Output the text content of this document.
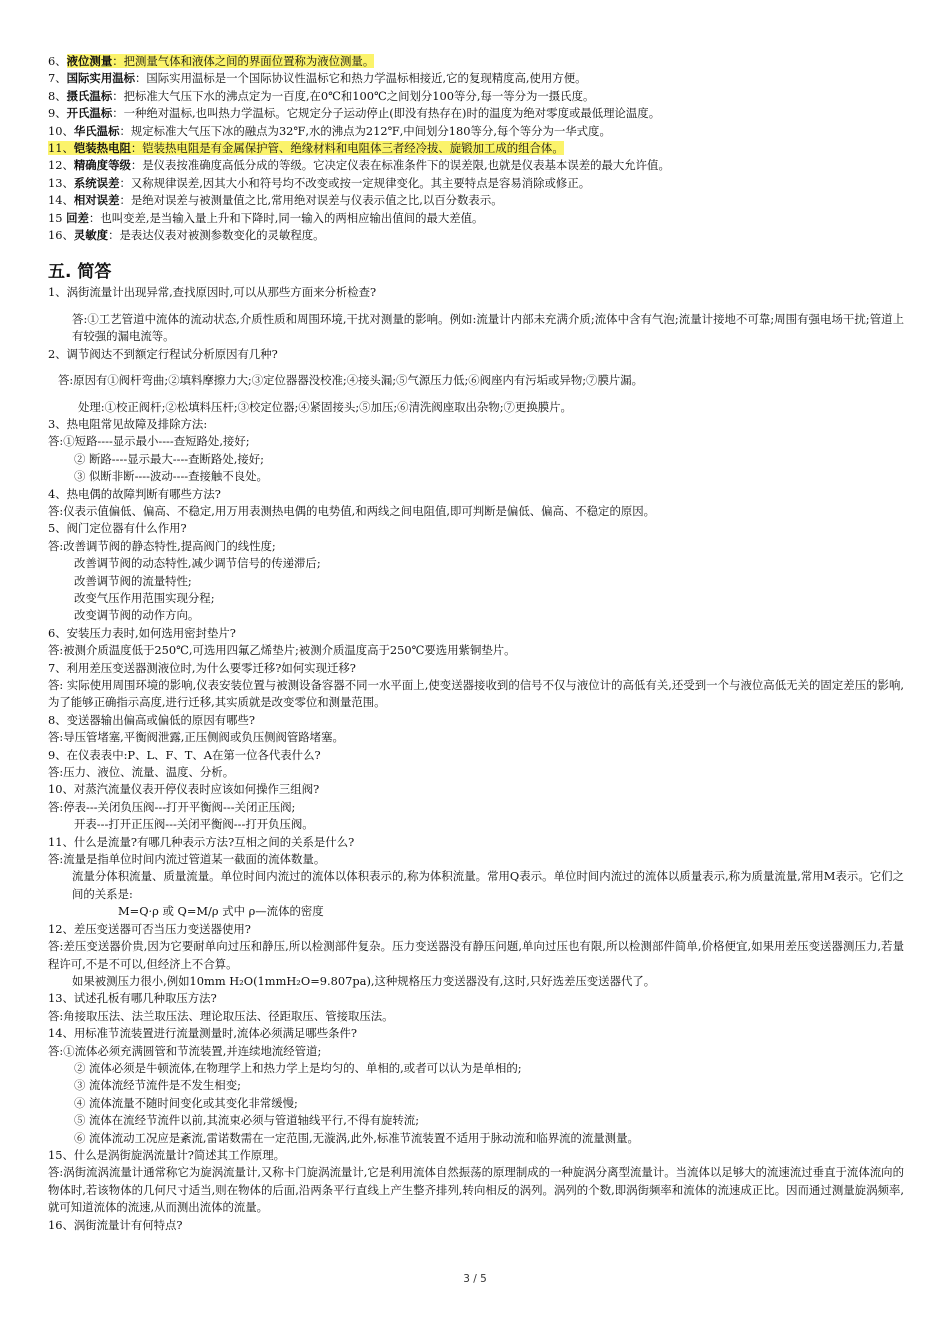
6、液位测量：把测量气体和液体之间的界面位置称为液位测量。

7、国际实用温标：国际实用温标是一个国际协议性温标它和热力学温标相接近,它的复现精度高,使用方便。

8、摄氏温标：把标准大气压下水的沸点定为一百度,在0℃和100℃之间划分100等分,每一等分为一摄氏度。

9、开氏温标：一种绝对温标,也叫热力学温标。它规定分子运动停止(即没有热存在)时的温度为绝对零度或最低理论温度。

10、华氏温标：规定标准大气压下冰的融点为32℉,水的沸点为212℉,中间划分180等分,每个等分为一华式度。

11、铠装热电阻：铠装热电阻是有金属保护管、绝缘材料和电阻体三者经冷拔、旋锻加工成的组合体。

12、精确度等级：是仪表按准确度高低分成的等级。它决定仪表在标准条件下的误差限,也就是仪表基本误差的最大允许值。

13、系统误差：又称规律误差,因其大小和符号均不改变或按一定规律变化。其主要特点是容易消除或修正。

14、相对误差：是绝对误差与被测量值之比,常用绝对误差与仪表示值之比,以百分数表示。

15 回差：也叫变差,是当输入量上升和下降时,同一输入的两相应输出值间的最大差值。

16、灵敏度：是表达仪表对被测参数变化的灵敏程度。

五. 简答

1、涡街流量计出现异常,查找原因时,可以从那些方面来分析检查?

答:①工艺管道中流体的流动状态,介质性质和周围环境,干扰对测量的影响。例如:流量计内部未充满介质;流体中含有气泡;流量计接地不可靠;周围有强电场干扰;管道上有较强的漏电流等。

2、调节阀达不到额定行程试分析原因有几种?

答:原因有①阀杆弯曲;②填料摩擦力大;③定位器器没校准;④接头漏;⑤气源压力低;⑥阀座内有污垢或异物;⑦膜片漏。

处理:①校正阀杆;②松填料压杆;③校定位器;④紧固接头;⑤加压;⑥清洗阀座取出杂物;⑦更换膜片。

3、热电阻常见故障及排除方法:

答:①短路----显示最小----查短路处,接好;

② 断路----显示最大----查断路处,接好;

③ 似断非断----波动----查接触不良处。

4、热电偶的故障判断有哪些方法?

答:仪表示值偏低、偏高、不稳定,用万用表测热电偶的电势值,和两线之间电阻值,即可判断是偏低、偏高、不稳定的原因。

5、阀门定位器有什么作用?

答:改善调节阀的静态特性,提高阀门的线性度;

改善调节阀的动态特性,减少调节信号的传递滞后;

改善调节阀的流量特性;

改变气压作用范围实现分程;

改变调节阀的动作方向。

6、安装压力表时,如何选用密封垫片?

答:被测介质温度低于250℃,可选用四氟乙烯垫片;被测介质温度高于250℃要选用紫铜垫片。

7、利用差压变送器测液位时,为什么要零迁移?如何实现迁移?

答: 实际使用周围环境的影响,仪表安装位置与被测设备容器不同一水平面上,使变送器接收到的信号不仅与液位计的高低有关,还受到一个与液位高低无关的固定差压的影响,为了能够正确指示高度,进行迁移,其实质就是改变零位和测量范围。

8、变送器输出偏高或偏低的原因有哪些?

答:导压管堵塞,平衡阀泄露,正压侧阀或负压侧阀管路堵塞。

9、在仪表表中:P、L、F、T、A在第一位各代表什么?

答:压力、液位、流量、温度、分析。

10、对蒸汽流量仪表开停仪表时应该如何操作三组阀?

答:停表---关闭负压阀---打开平衡阀---关闭正压阀;

开表---打开正压阀---关闭平衡阀---打开负压阀。

11、什么是流量?有哪几种表示方法?互相之间的关系是什么?

答:流量是指单位时间内流过管道某一截面的流体数量。

流量分体积流量、质量流量。单位时间内流过的流体以体积表示的,称为体积流量。常用Q表示。单位时间内流过的流体以质量表示,称为质量流量,常用M表示。它们之间的关系是:

M=Q·ρ 或 Q=M/ρ 式中 ρ—流体的密度

12、差压变送器可否当压力变送器使用?

答:差压变送器价贵,因为它要耐单向过压和静压,所以检测部件复杂。压力变送器没有静压问题,单向过压也有限,所以检测部件简单,价格便宜,如果用差压变送器测压力,若量程许可,不是不可以,但经济上不合算。

如果被测压力很小,例如10mm H₂O(1mmH₂O=9.807pa),这种规格压力变送器没有,这时,只好选差压变送器代了。

13、试述孔板有哪几种取压方法?

答:角接取压法、法兰取压法、理论取压法、径距取压、管接取压法。

14、用标准节流装置进行流量测量时,流体必须满足哪些条件?

答:①流体必须充满圆管和节流装置,并连续地流经管道;

② 流体必须是牛顿流体,在物理学上和热力学上是均匀的、单相的,或者可以认为是单相的;

③ 流体流经节流件是不发生相变;

④ 流体流量不随时间变化或其变化非常缓慢;

⑤ 流体在流经节流件以前,其流束必须与管道轴线平行,不得有旋转流;

⑥ 流体流动工况应是紊流,雷诺数需在一定范围,无漩涡,此外,标准节流装置不适用于脉动流和临界流的流量测量。

15、什么是涡街旋涡流量计?简述其工作原理。

答:涡街流涡流量计通常称它为旋涡流量计,又称卡门旋涡流量计,它是利用流体自然振荡的原理制成的一种旋涡分离型流量计。当流体以足够大的流速流过垂直于流体流向的物体时,若该物体的几何尺寸适当,则在物体的后面,沿两条平行直线上产生整齐排列,转向相反的涡列。涡列的个数,即涡街频率和流体的流速成正比。因而通过测量旋涡频率,就可知道流体的流速,从而测出流体的流量。

16、涡街流量计有何特点?

3 / 5
